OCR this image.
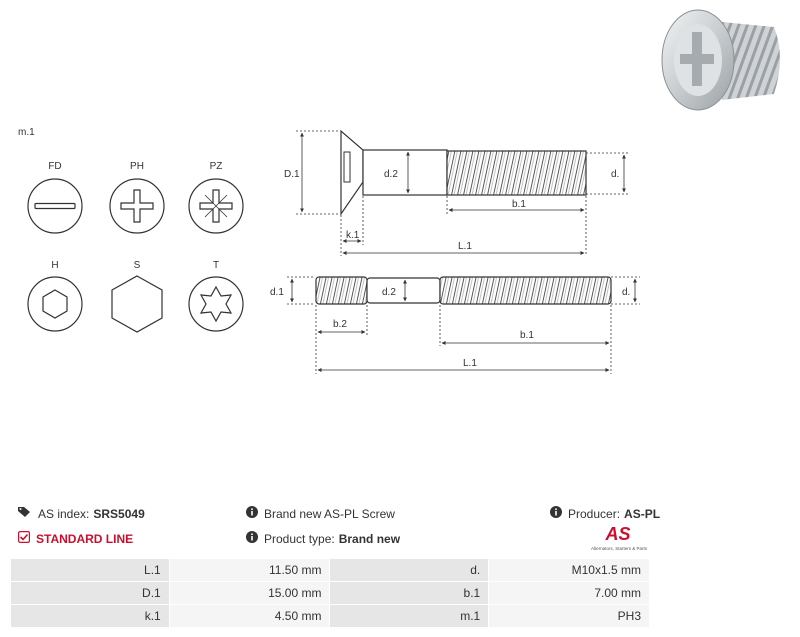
m.1
FD	PH	PZ
H	S	T
D.1	d.2	d.
b.1
k.1
L.1
d.1	d.2	d.
b.2
b.1
L.1
AS index: SRS5049	Brand new AS-PL Screw	Producer: AS-PL
STANDARD LINE	Product type: Brand new	AS
Alternators, Starters & Parts
L.1	11.50 mm	d.	M10x1.5 mm
D.1	15.00 mm	b.1	7.00 mm
k.1	4.50 mm	m.1	PH3
